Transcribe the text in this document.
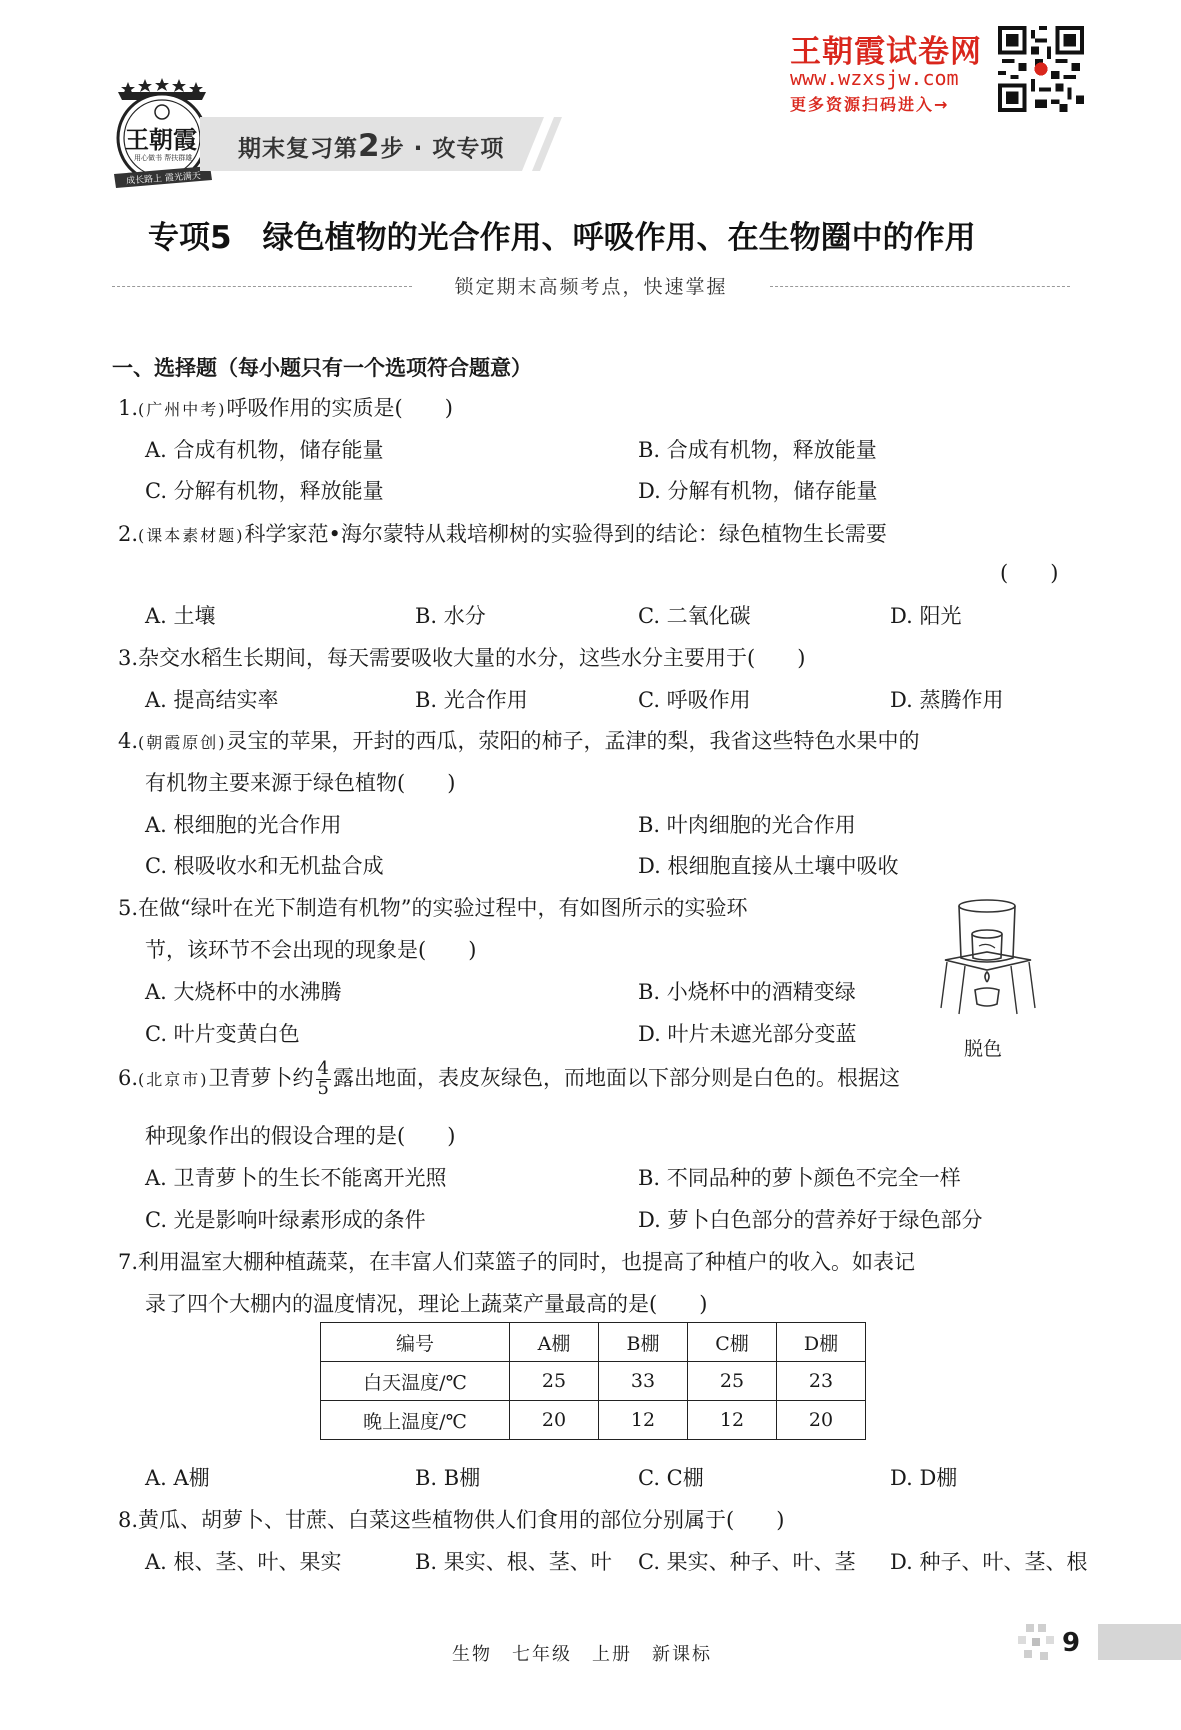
王朝霞
用心做书 帮扶群雄
成长路上 霞光满天
期末复习第2步 · 攻专项
王朝霞试卷网
www.wzxsjw.com
更多资源扫码进入→
专项5　绿色植物的光合作用、呼吸作用、在生物圈中的作用
锁定期末高频考点，快速掌握
一、选择题（每小题只有一个选项符合题意）
1.(广州中考)呼吸作用的实质是(　　)
A. 合成有机物，储存能量	B. 合成有机物，释放能量
C. 分解有机物，释放能量	D. 分解有机物，储存能量
2.(课本素材题)科学家范•海尔蒙特从栽培柳树的实验得到的结论：绿色植物生长需要
(　　)
A. 土壤	B. 水分	C. 二氧化碳	D. 阳光
3.杂交水稻生长期间，每天需要吸收大量的水分，这些水分主要用于(　　)
A. 提高结实率	B. 光合作用	C. 呼吸作用	D. 蒸腾作用
4.(朝霞原创)灵宝的苹果，开封的西瓜，荥阳的柿子，孟津的梨，我省这些特色水果中的
有机物主要来源于绿色植物(　　)
A. 根细胞的光合作用	B. 叶肉细胞的光合作用
C. 根吸收水和无机盐合成	D. 根细胞直接从土壤中吸收
5.在做“绿叶在光下制造有机物”的实验过程中，有如图所示的实验环
节，该环节不会出现的现象是(　　)
A. 大烧杯中的水沸腾	B. 小烧杯中的酒精变绿
C. 叶片变黄白色	D. 叶片未遮光部分变蓝
脱色
6.(北京市)卫青萝卜约 $\frac{4}{5}$ 露出地面，表皮灰绿色，而地面以下部分则是白色的。根据这
种现象作出的假设合理的是(　　)
A. 卫青萝卜的生长不能离开光照	B. 不同品种的萝卜颜色不完全一样
C. 光是影响叶绿素形成的条件	D. 萝卜白色部分的营养好于绿色部分
7.利用温室大棚种植蔬菜，在丰富人们菜篮子的同时，也提高了种植户的收入。如表记
录了四个大棚内的温度情况，理论上蔬菜产量最高的是(　　)
编号	A棚	B棚	C棚	D棚
白天温度/℃	25	33	25	23
晚上温度/℃	20	12	12	20
A. A棚	B. B棚	C. C棚	D. D棚
8.黄瓜、胡萝卜、甘蔗、白菜这些植物供人们食用的部位分别属于(　　)
A. 根、茎、叶、果实	B. 果实、根、茎、叶 C. 果实、种子、叶、茎 D. 种子、叶、茎、根
生物　七年级　上册　新课标	9
